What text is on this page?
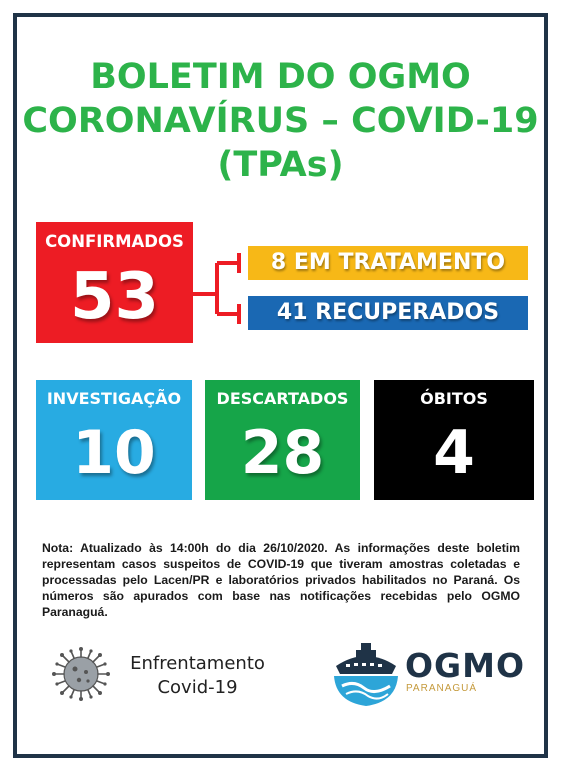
BOLETIM DO OGMO
CORONAVÍRUS – COVID-19
(TPAs)
CONFIRMADOS
53	8 EM TRATAMENTO
41 RECUPERADOS
INVESTIGAÇÃO
10
DESCARTADOS
28
ÓBITOS
4
Nota: Atualizado às 14:00h do dia 26/10/2020. As informações deste boletim representam casos suspeitos de COVID-19 que tiveram amostras coletadas e processadas pelo Lacen/PR e laboratórios privados habilitados no Paraná. Os números são apurados com base nas notificações recebidas pelo OGMO Paranaguá.
Enfrentamento
Covid-19
OGMO
PARANAGUÁ
